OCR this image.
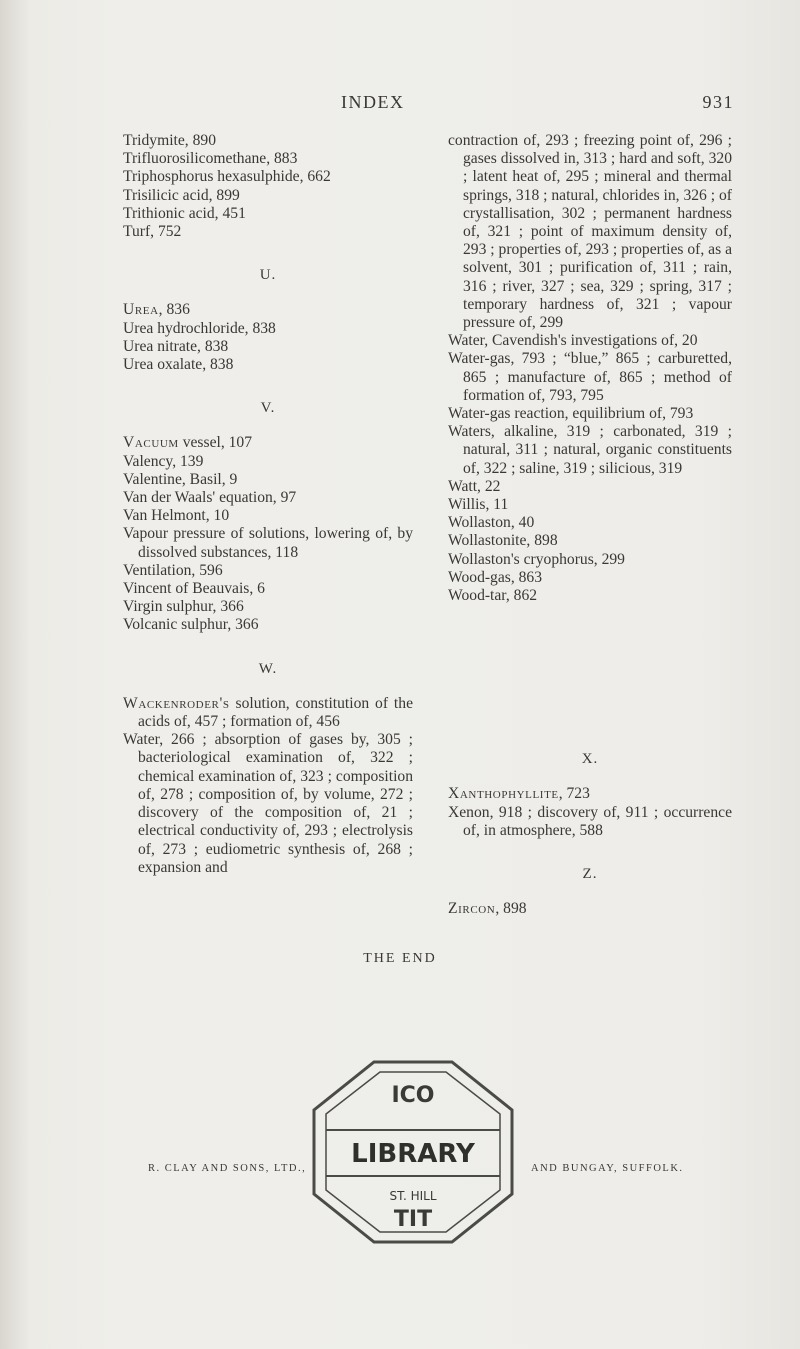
INDEX	931
Tridymite, 890
Trifluorosilicomethane, 883
Triphosphorus hexasulphide, 662
Trisilicic acid, 899
Trithionic acid, 451
Turf, 752
U.
Urea, 836
Urea hydrochloride, 838
Urea nitrate, 838
Urea oxalate, 838
V.
Vacuum vessel, 107
Valency, 139
Valentine, Basil, 9
Van der Waals' equation, 97
Van Helmont, 10
Vapour pressure of solutions, lowering of, by dissolved substances, 118
Ventilation, 596
Vincent of Beauvais, 6
Virgin sulphur, 366
Volcanic sulphur, 366
W.
Wackenroder's solution, constitution of the acids of, 457 ; formation of, 456
Water, 266 ; absorption of gases by, 305 ; bacteriological examination of, 322 ; chemical examination of, 323 ; composition of, 278 ; composition of, by volume, 272 ; discovery of the composition of, 21 ; electrical conductivity of, 293 ; electrolysis of, 273 ; eudiometric synthesis of, 268 ; expansion and
contraction of, 293 ; freezing point of, 296 ; gases dissolved in, 313 ; hard and soft, 320 ; latent heat of, 295 ; mineral and thermal springs, 318 ; natural, chlorides in, 326 ; of crystallisation, 302 ; permanent hardness of, 321 ; point of maximum density of, 293 ; properties of, 293 ; properties of, as a solvent, 301 ; purification of, 311 ; rain, 316 ; river, 327 ; sea, 329 ; spring, 317 ; temporary hardness of, 321 ; vapour pressure of, 299
Water, Cavendish's investigations of, 20
Water-gas, 793 ; “blue,” 865 ; carburetted, 865 ; manufacture of, 865 ; method of formation of, 793, 795
Water-gas reaction, equilibrium of, 793
Waters, alkaline, 319 ; carbonated, 319 ; natural, 311 ; natural, organic constituents of, 322 ; saline, 319 ; silicious, 319
Watt, 22
Willis, 11
Wollaston, 40
Wollastonite, 898
Wollaston's cryophorus, 299
Wood-gas, 863
Wood-tar, 862
X.
Xanthophyllite, 723
Xenon, 918 ; discovery of, 911 ; occurrence of, in atmosphere, 588
Z.
Zircon, 898
THE END
R. CLAY AND SONS, LTD.,	AND BUNGAY, SUFFOLK.
ICO
LIBRARY
ST. HILL
TIT
